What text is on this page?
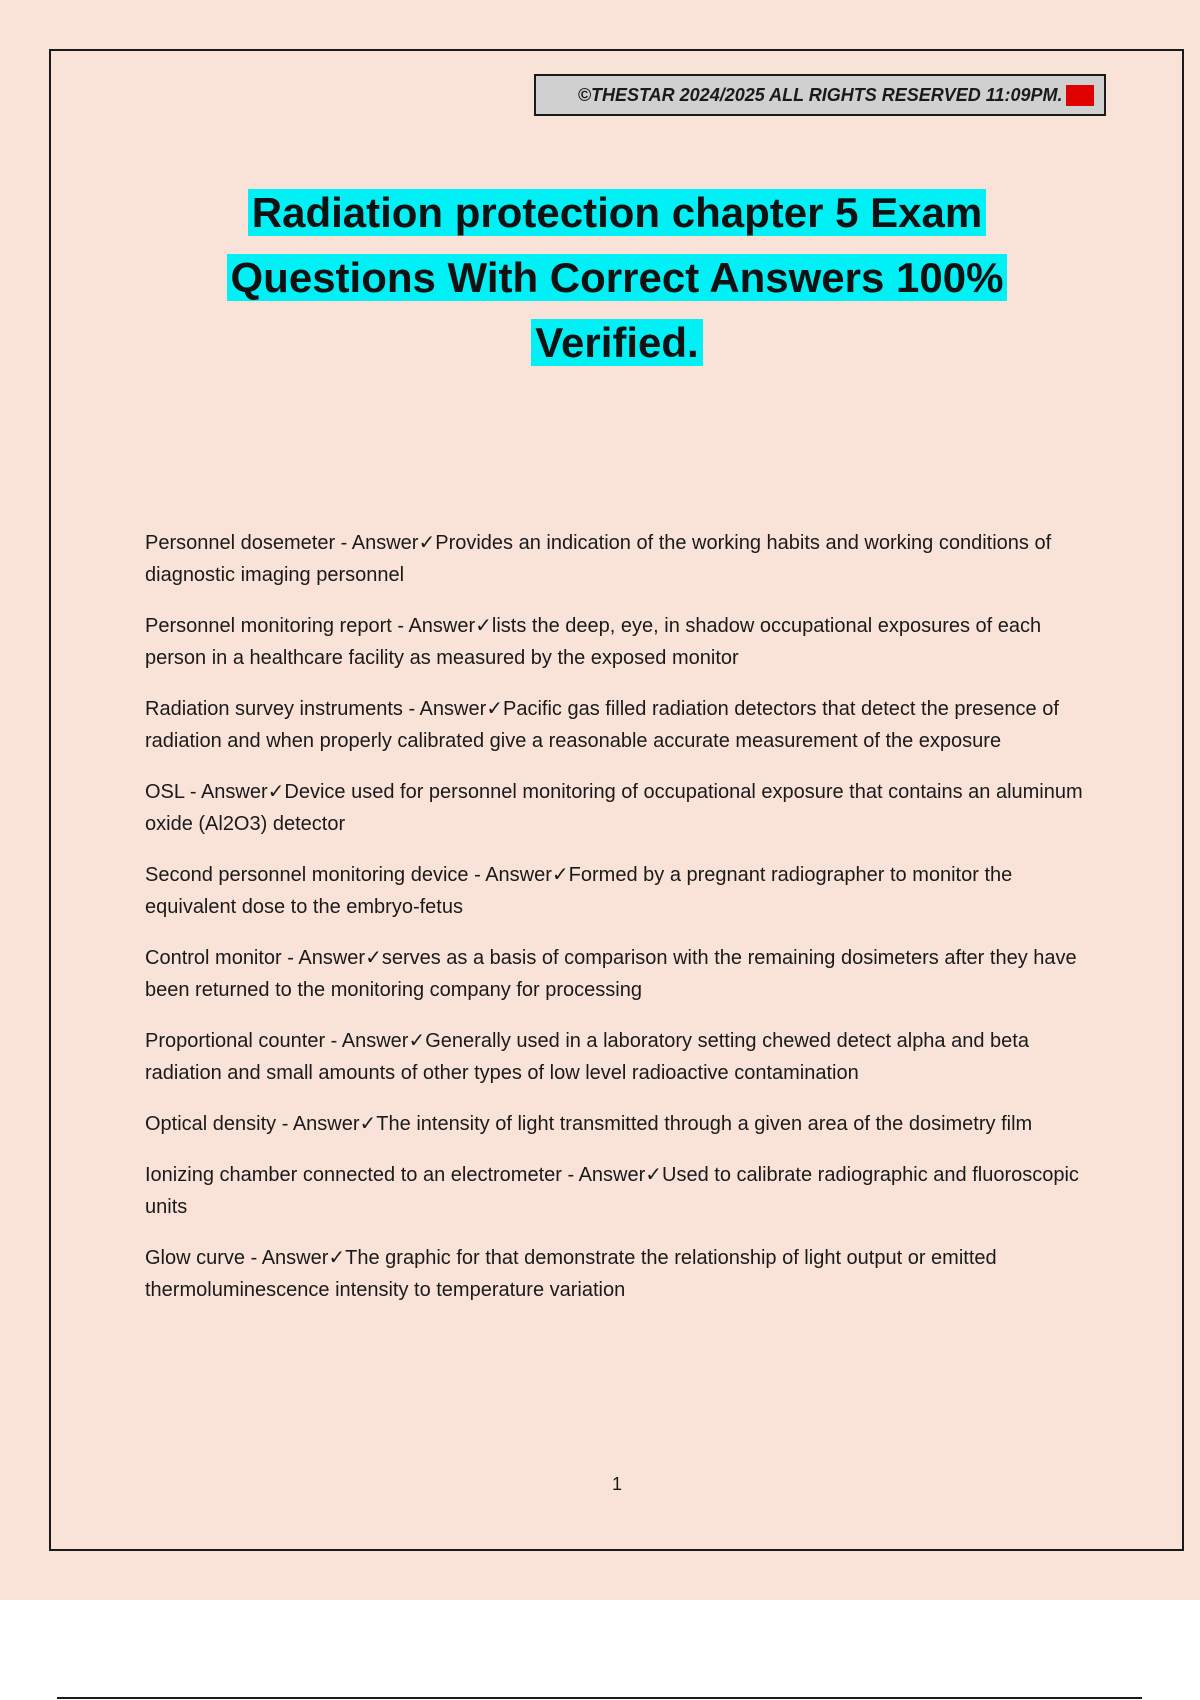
©THESTAR 2024/2025 ALL RIGHTS RESERVED 11:09PM. A+
Radiation protection chapter 5 Exam
Questions With Correct Answers 100%
Verified.
Personnel dosemeter - Answer✓Provides an indication of the working habits and working conditions of diagnostic imaging personnel
Personnel monitoring report - Answer✓lists the deep, eye, in shadow occupational exposures of each person in a healthcare facility as measured by the exposed monitor
Radiation survey instruments - Answer✓Pacific gas filled radiation detectors that detect the presence of radiation and when properly calibrated give a reasonable accurate measurement of the exposure
OSL - Answer✓Device used for personnel monitoring of occupational exposure that contains an aluminum oxide (Al2O3) detector
Second personnel monitoring device - Answer✓Formed by a pregnant radiographer to monitor the equivalent dose to the embryo-fetus
Control monitor - Answer✓serves as a basis of comparison with the remaining dosimeters after they have been returned to the monitoring company for processing
Proportional counter - Answer✓Generally used in a laboratory setting chewed detect alpha and beta radiation and small amounts of other types of low level radioactive contamination
Optical density - Answer✓The intensity of light transmitted through a given area of the dosimetry film
Ionizing chamber connected to an electrometer - Answer✓Used to calibrate radiographic and fluoroscopic units
Glow curve - Answer✓The graphic for that demonstrate the relationship of light output or emitted thermoluminescence intensity to temperature variation
1
